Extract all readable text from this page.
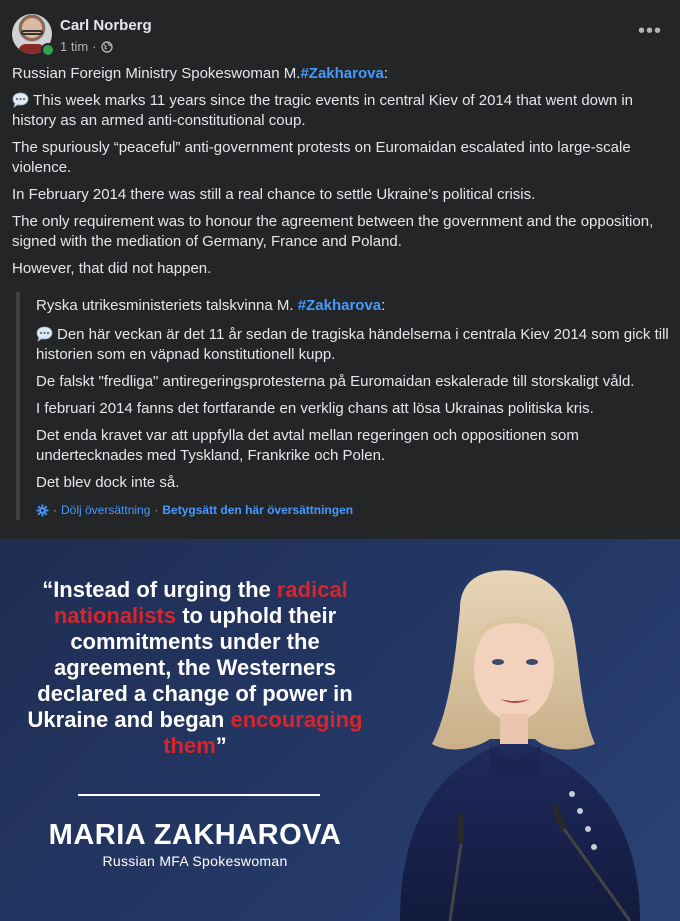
Carl Norberg
1 tim ·
•••

Russian Foreign Ministry Spokeswoman M.#Zakharova:

This week marks 11 years since the tragic events in central Kiev of 2014 that went down in history as an armed anti-constitutional coup.

The spuriously “peaceful” anti-government protests on Euromaidan escalated into large-scale violence.

In February 2014 there was still a real chance to settle Ukraine’s political crisis.

The only requirement was to honour the agreement between the government and the opposition, signed with the mediation of Germany, France and Poland.

However, that did not happen.

Ryska utrikesministeriets talskvinna M. #Zakharova:

Den här veckan är det 11 år sedan de tragiska händelserna i centrala Kiev 2014 som gick till historien som en väpnad konstitutionell kupp.

De falskt "fredliga" antiregeringsprotesterna på Euromaidan eskalerade till storskaligt våld.

I februari 2014 fanns det fortfarande en verklig chans att lösa Ukrainas politiska kris.

Det enda kravet var att uppfylla det avtal mellan regeringen och oppositionen som undertecknades med Tyskland, Frankrike och Polen.

Det blev dock inte så.

· Dölj översättning · Betygsätt den här översättningen
“Instead of urging the radical nationalists to uphold their commitments under the agreement, the Westerners declared a change of power in Ukraine and began encouraging them”
MARIA ZAKHAROVA
Russian MFA Spokeswoman
